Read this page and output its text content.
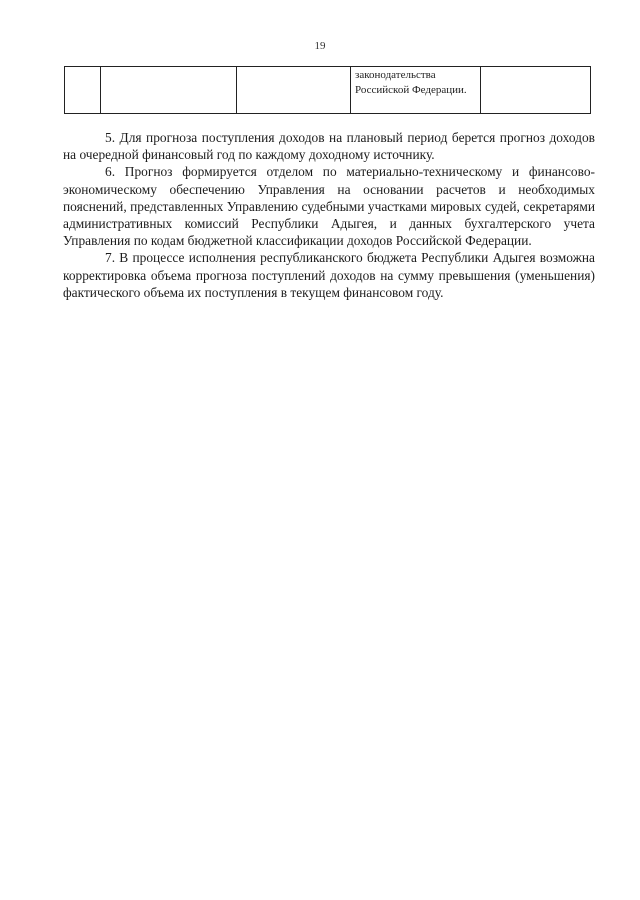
19
			законодательства Российской Федерации.	

5. Для прогноза поступления доходов на плановый период берется прогноз доходов на очередной финансовый год по каждому доходному источнику.

6. Прогноз формируется отделом по материально-техническому и финансово-экономическому обеспечению Управления на основании расчетов и необходимых пояснений, представленных Управлению судебными участками мировых судей, секретарями административных комиссий Республики Адыгея, и данных бухгалтерского учета Управления по кодам бюджетной классификации доходов Российской Федерации.

7. В процессе исполнения республиканского бюджета Республики Адыгея возможна корректировка объема прогноза поступлений доходов на сумму превышения (уменьшения) фактического объема их поступления в текущем финансовом году.
